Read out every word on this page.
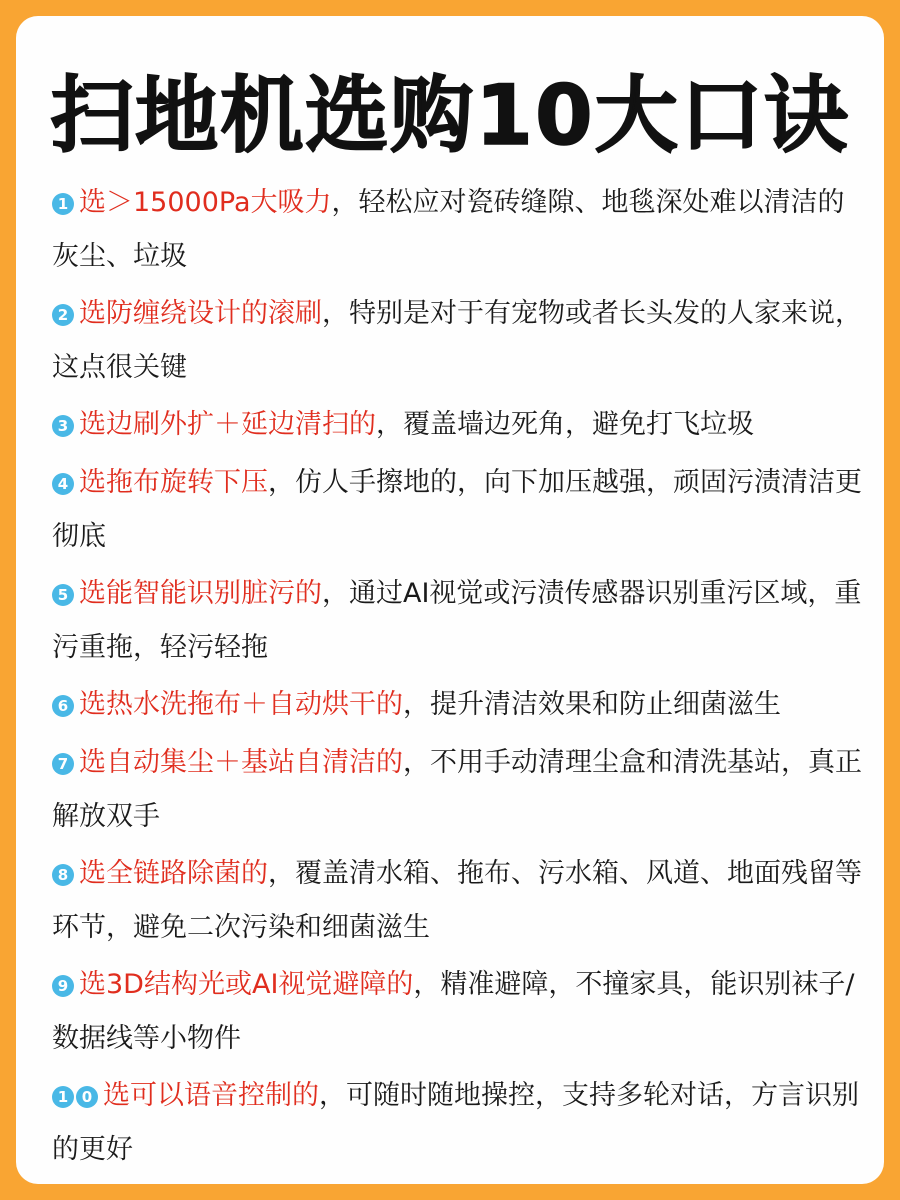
扫地机选购10大口诀
1 选＞15000Pa大吸力，轻松应对瓷砖缝隙、地毯深处难以清洁的灰尘、垃圾
2 选防缠绕设计的滚刷，特别是对于有宠物或者长头发的人家来说，这点很关键
3 选边刷外扩＋延边清扫的，覆盖墙边死角，避免打飞垃圾
4 选拖布旋转下压，仿人手擦地的，向下加压越强，顽固污渍清洁更彻底
5 选能智能识别脏污的，通过AI视觉或污渍传感器识别重污区域，重污重拖，轻污轻拖
6 选热水洗拖布＋自动烘干的，提升清洁效果和防止细菌滋生
7 选自动集尘＋基站自清洁的，不用手动清理尘盒和清洗基站，真正解放双手
8 选全链路除菌的，覆盖清水箱、拖布、污水箱、风道、地面残留等环节，避免二次污染和细菌滋生
9 选3D结构光或AI视觉避障的，精准避障，不撞家具，能识别袜子/数据线等小物件
1 0 选可以语音控制的，可随时随地操控，支持多轮对话，方言识别的更好
